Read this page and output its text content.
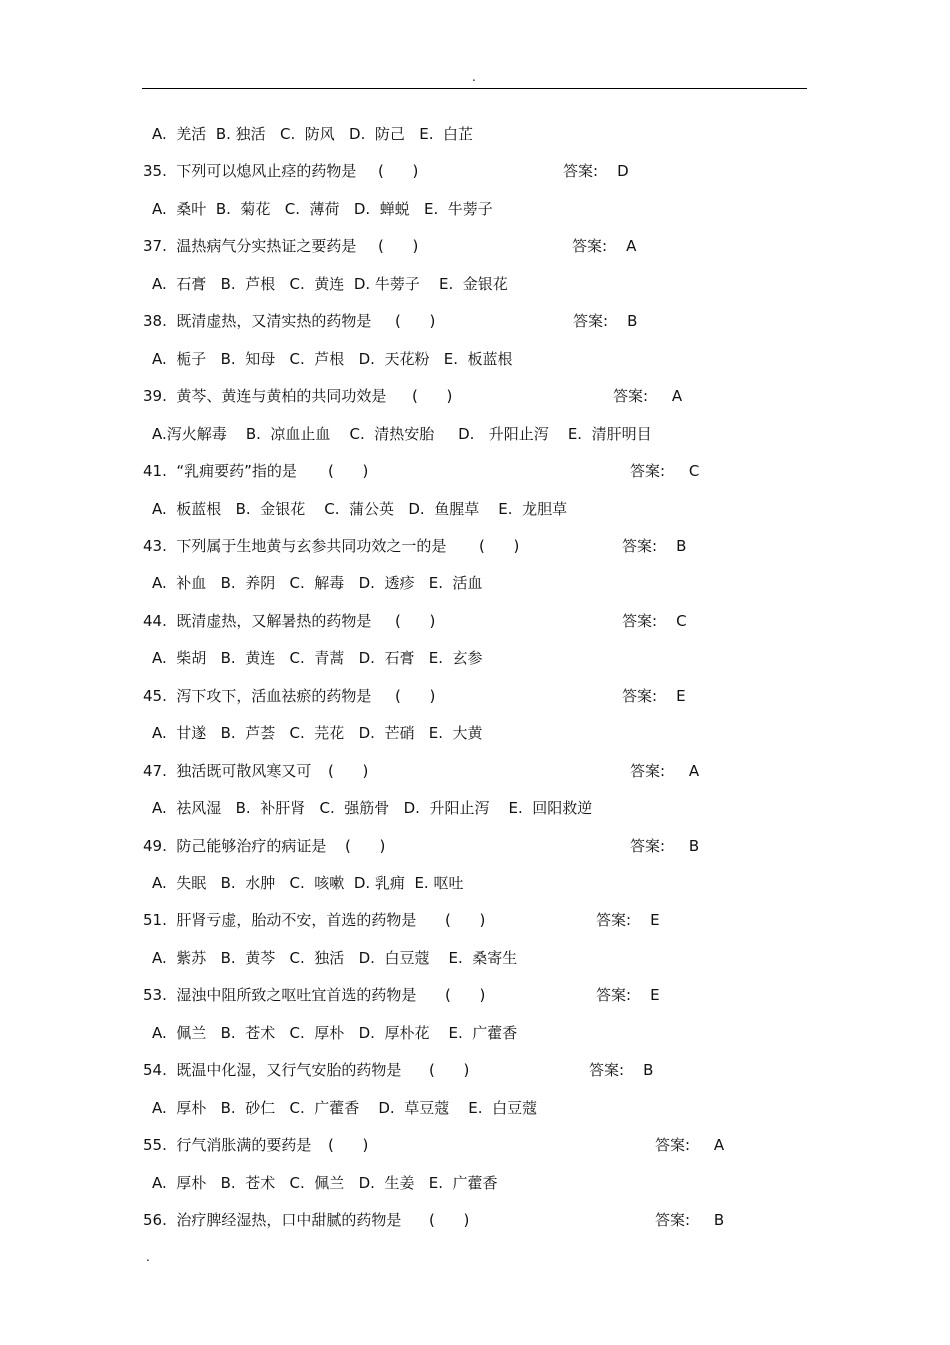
.
A.  羌活  B. 独活   C.  防风   D.  防己   E.  白芷
35.  下列可以熄风止痉的药物是 (      )	答案:    D
A.  桑叶  B.  菊花   C.  薄荷   D.  蝉蜕   E.  牛蒡子
37.  温热病气分实热证之要药是 (      )	答案:    A
A.  石膏   B.  芦根   C.  黄连  D. 牛蒡子    E.  金银花
38.  既清虚热，又清实热的药物是 (      )	答案:    B
A.  栀子   B.  知母   C.  芦根   D.  天花粉   E.  板蓝根
39.  黄芩、黄连与黄柏的共同功效是 (      )	答案:     A
A.泻火解毒    B.  凉血止血    C.  清热安胎     D.   升阳止泻    E.  清肝明目
41.  “乳痈要药”指的是 (      )	答案:     C
A.  板蓝根   B.  金银花    C.  蒲公英   D.  鱼腥草    E.  龙胆草
43.  下列属于生地黄与玄参共同功效之一的是 (      )	答案:    B
A.  补血   B.  养阴   C.  解毒   D.  透疹   E.  活血
44.  既清虚热，又解暑热的药物是 (      )	答案:    C
A.  柴胡   B.  黄连   C.  青蒿   D.  石膏   E.  玄参
45.  泻下攻下，活血祛瘀的药物是 (      )	答案:    E
A.  甘遂   B.  芦荟   C.  芫花   D.  芒硝   E.  大黄
47.  独活既可散风寒又可 (      )	答案:     A
A.  祛风湿   B.  补肝肾   C.  强筋骨   D.  升阳止泻    E.  回阳救逆
49.  防己能够治疗的病证是 (      )	答案:     B
A.  失眠   B.  水肿   C.  咳嗽  D. 乳痈  E. 呕吐
51.  肝肾亏虚，胎动不安，首选的药物是 (      )	答案:    E
A.  紫苏   B.  黄芩   C.  独活   D.  白豆蔻    E.  桑寄生
53.  湿浊中阻所致之呕吐宜首选的药物是 (      )	答案:    E
A.  佩兰   B.  苍术   C.  厚朴   D.  厚朴花    E.  广藿香
54.  既温中化湿，又行气安胎的药物是 (      )	答案:    B
A.  厚朴   B.  砂仁   C.  广藿香    D.  草豆蔻    E.  白豆蔻
55.  行气消胀满的要药是 (      )	答案:     A
A.  厚朴   B.  苍术   C.  佩兰   D.  生姜   E.  广藿香
56.  治疗脾经湿热，口中甜腻的药物是 (      )	答案:     B
.
